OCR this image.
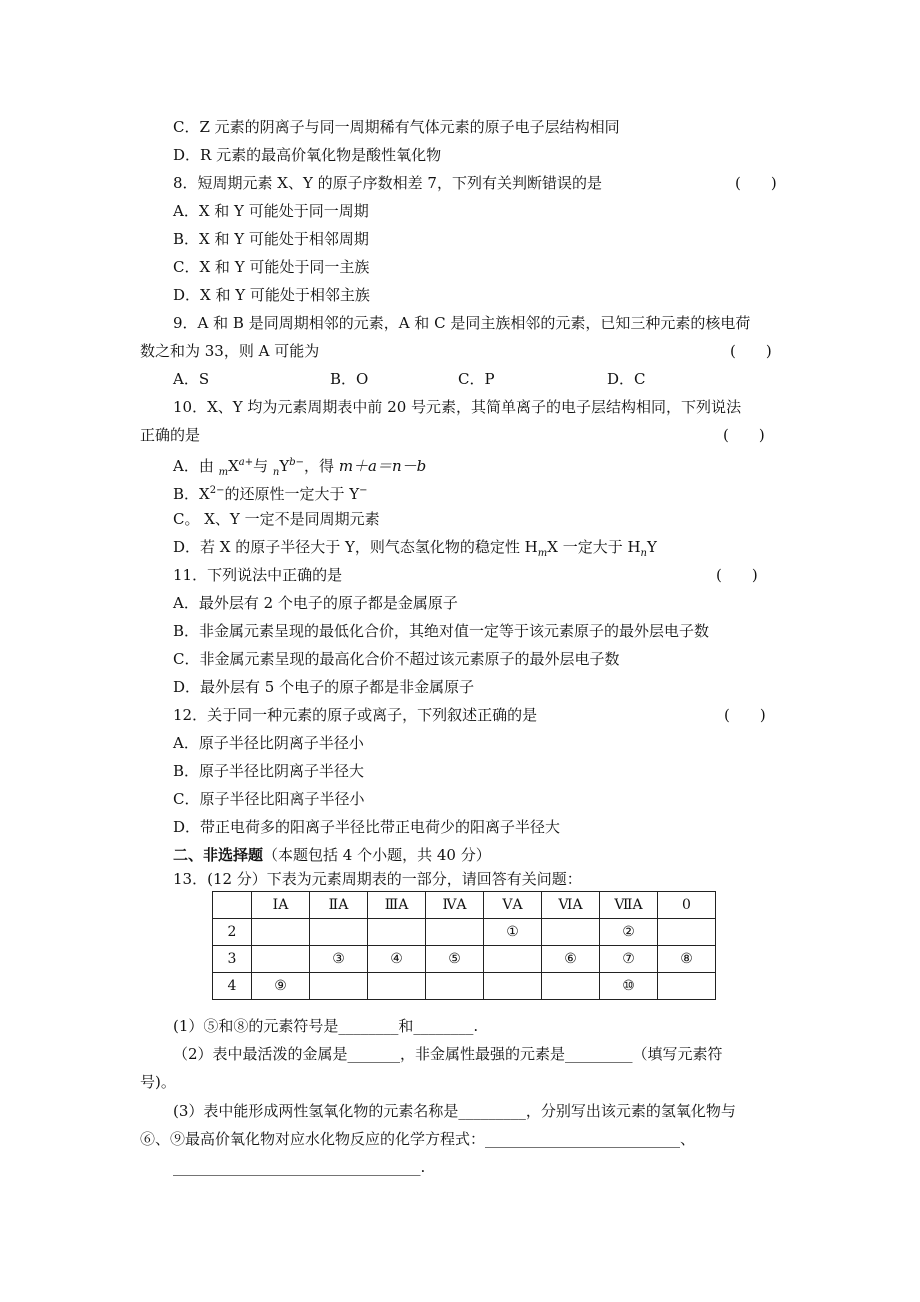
C．Z 元素的阴离子与同一周期稀有气体元素的原子电子层结构相同
D．R 元素的最高价氧化物是酸性氧化物
8．短周期元素 X、Y 的原子序数相差 7，下列有关判断错误的是	(　　)
A．X 和 Y 可能处于同一周期
B．X 和 Y 可能处于相邻周期
C．X 和 Y 可能处于同一主族
D．X 和 Y 可能处于相邻主族
9．A 和 B 是同周期相邻的元素，A 和 C 是同主族相邻的元素，已知三种元素的核电荷
数之和为 33，则 A 可能为	(　　)
A．S	B．O	C．P	D．C
10．X、Y 均为元素周期表中前 20 号元素，其简单离子的电子层结构相同，下列说法
正确的是	(　　)
A．由 $_mX^{a+}$与 $_nY^{b-}$，得 m＋a＝n－b
B．$X^{2-}$的还原性一定大于 Y−
C。 X、Y 一定不是同周期元素
D．若 X 的原子半径大于 Y，则气态氢化物的稳定性 $H_mX$ 一定大于 $H_nY$
11．下列说法中正确的是	(　　)
A．最外层有 2 个电子的原子都是金属原子
B．非金属元素呈现的最低化合价，其绝对值一定等于该元素原子的最外层电子数
C．非金属元素呈现的最高化合价不超过该元素原子的最外层电子数
D．最外层有 5 个电子的原子都是非金属原子
12．关于同一种元素的原子或离子，下列叙述正确的是	(　　)
A．原子半径比阴离子半径小
B．原子半径比阴离子半径大
C．原子半径比阳离子半径小
D．带正电荷多的阳离子半径比带正电荷少的阳离子半径大
二、非选择题（本题包括 4 个小题，共 40 分）
13．(12 分）下表为元素周期表的一部分，请回答有关问题：
	ⅠA	ⅡA	ⅢA	ⅣA	ⅤA	ⅥA	ⅦA	0
2					①		②	
3		③	④	⑤		⑥	⑦	⑧
4	⑨						⑩	
(1）⑤和⑧的元素符号是________和________.
（2）表中最活泼的金属是_______，非金属性最强的元素是_________（填写元素符
号)。
(3）表中能形成两性氢氧化物的元素名称是_________，分别写出该元素的氢氧化物与
⑥、⑨最高价氧化物对应水化物反应的化学方程式：__________________________、
_________________________________.
